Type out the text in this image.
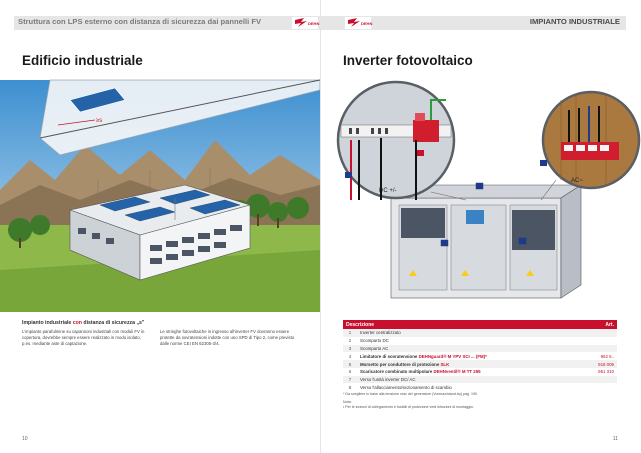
Struttura con LPS esterno con distanza di sicurezza dai pannelli FV	DEHN
Edificio industriale
≥s
Impianto industriale con distanza di sicurezza „s"
L'impianto parafulmine su capannoni industriali con moduli FV in copertura, dovrebbe sempre essere realizzato in modo isolato, p.es. mediante aste di captazione.
Le stringhe fotovoltaiche in ingresso all'inverter FV dovranno essere protette da sovratensioni indotte con uno SPD di Tipo 2, come previsto dalle norme CEI EN 62305-3/4.
10
IMPIANTO INDUSTRIALE
DEHN
Inverter fotovoltaico
DC +/-
AC~
Descrizione		Art.
1	Inverter centralizzato	
2	Scomparto DC	
3	Scomparto AC	
4	Limitatore di sovratensione DEHNguard® M YPV SCI ... (FM)*	952 5..
5	Morsetto per conduttore di protezione SLK	918 009
6	Scaricatore combinato multipolare DEHNventil® M TT 255	951 310
7	Verso l'unità inverter DC/ AC	
8	Verso l'allacciamento/sezionamento di scambio	
* Da scegliere in base alla tensione max del generatore (Vocmax/stand-by) pag. 190
Nota:
• Per le sezioni di collegamento e fusibili di protezione vedi istruzioni di montaggio.
11
